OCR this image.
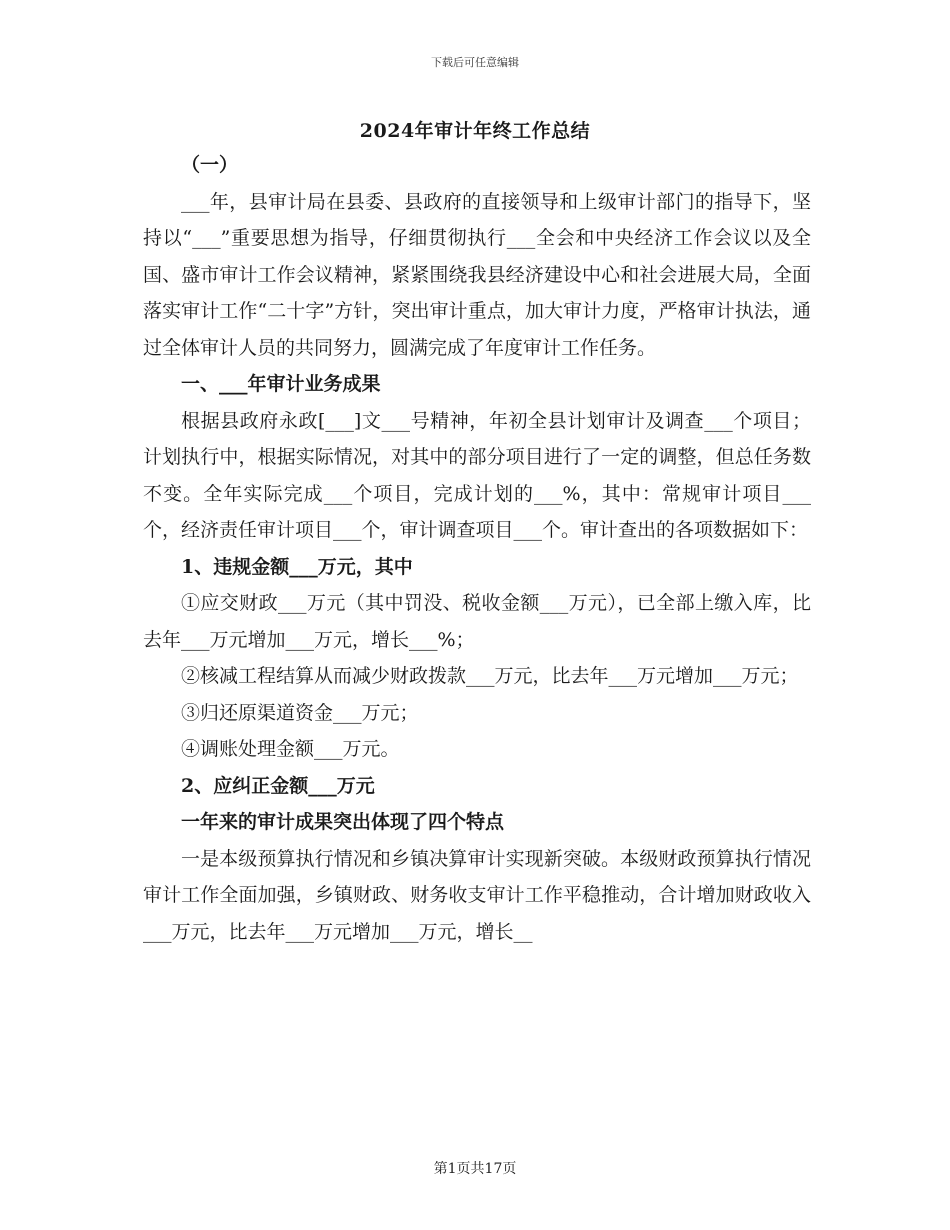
下载后可任意编辑
2024年审计年终工作总结

（一）

___年，县审计局在县委、县政府的直接领导和上级审计部门的指导下，坚持以“___”重要思想为指导，仔细贯彻执行___全会和中央经济工作会议以及全国、盛市审计工作会议精神，紧紧围绕我县经济建设中心和社会进展大局，全面落实审计工作“二十字”方针，突出审计重点，加大审计力度，严格审计执法，通过全体审计人员的共同努力，圆满完成了年度审计工作任务。

一、___年审计业务成果

根据县政府永政[___]文___号精神，年初全县计划审计及调查___个项目；计划执行中，根据实际情况，对其中的部分项目进行了一定的调整，但总任务数不变。全年实际完成___个项目，完成计划的___%，其中：常规审计项目___个，经济责任审计项目___个，审计调查项目___个。审计查出的各项数据如下：

1、违规金额___万元，其中

①应交财政___万元（其中罚没、税收金额___万元），已全部上缴入库，比去年___万元增加___万元，增长___%；

②核减工程结算从而减少财政拨款___万元，比去年___万元增加___万元；

③归还原渠道资金___万元；

④调账处理金额___万元。

2、应纠正金额___万元

一年来的审计成果突出体现了四个特点

一是本级预算执行情况和乡镇决算审计实现新突破。本级财政预算执行情况审计工作全面加强，乡镇财政、财务收支审计工作平稳推动，合计增加财政收入___万元，比去年___万元增加___万元，增长__

第1页共17页
